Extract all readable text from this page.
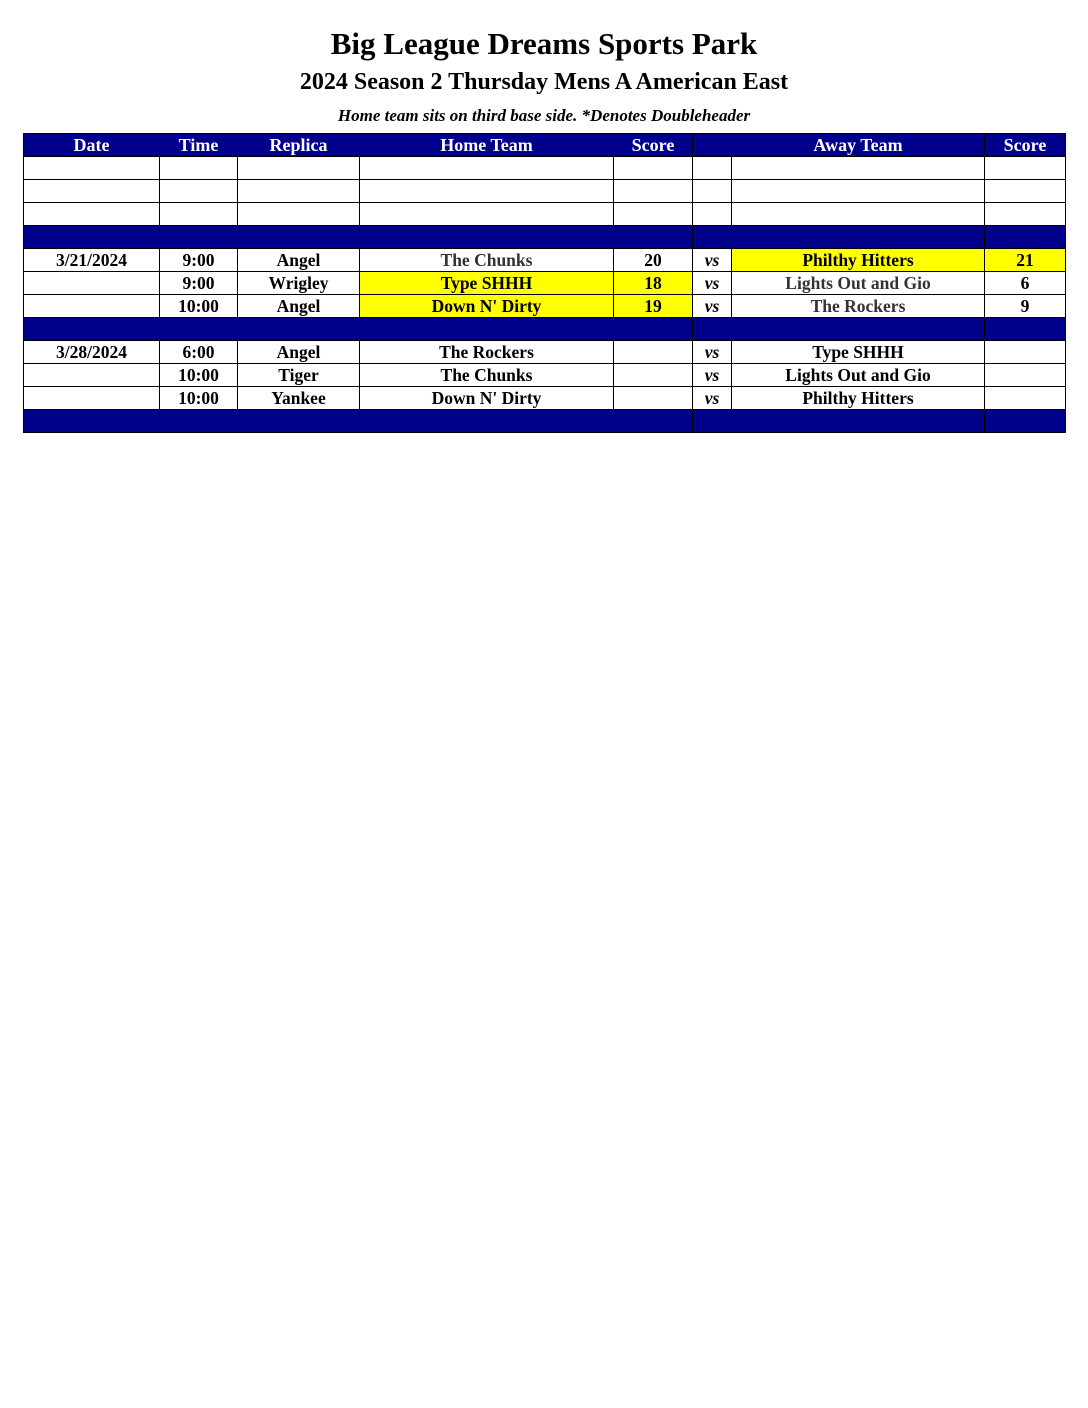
Big League Dreams Sports Park
2024 Season 2 Thursday Mens A American East
Home team sits on third base side. *Denotes Doubleheader
Date	Time	Replica	Home Team	Score		Away Team	Score

3/21/2024	9:00	Angel	The Chunks	20	vs	Philthy Hitters	21
	9:00	Wrigley	Type SHHH	18	vs	Lights Out and Gio	6
	10:00	Angel	Down N' Dirty	19	vs	The Rockers	9

3/28/2024	6:00	Angel	The Rockers		vs	Type SHHH	
	10:00	Tiger	The Chunks		vs	Lights Out and Gio	
	10:00	Yankee	Down N' Dirty		vs	Philthy Hitters	
